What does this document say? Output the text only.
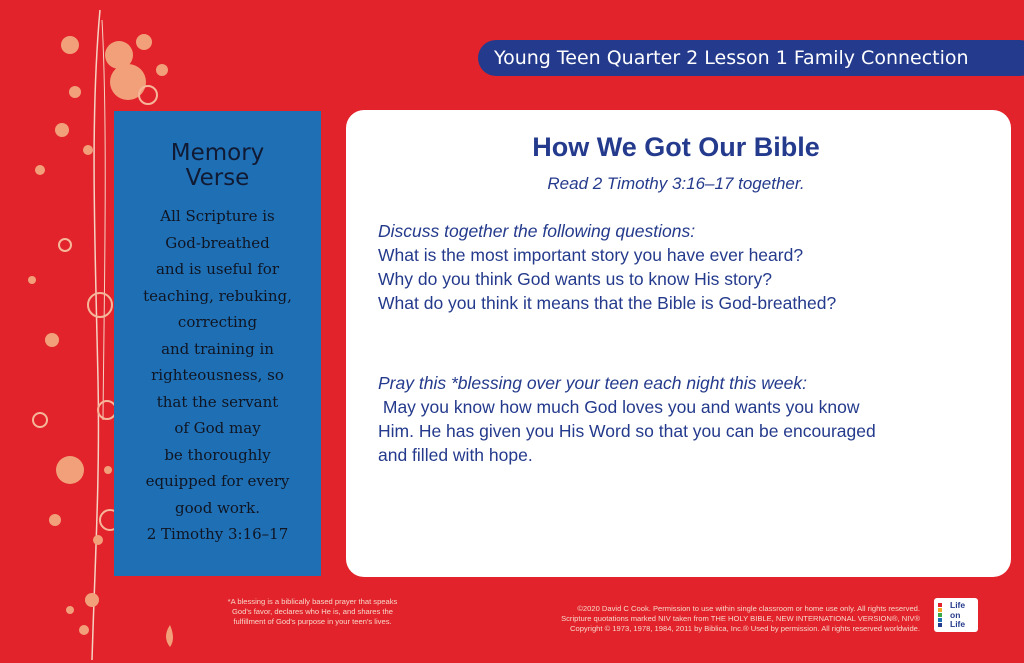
Young Teen Quarter 2 Lesson 1 Family Connection
Memory
Verse
All Scripture is
God-breathed
and is useful for
teaching, rebuking,
correcting
and training in
righteousness, so
that the servant
of God may
be thoroughly
equipped for every
good work.
2 Timothy 3:16–17
How We Got Our Bible
Read 2 Timothy 3:16–17 together.
Discuss together the following questions:
What is the most important story you have ever heard?
Why do you think God wants us to know His story?
What do you think it means that the Bible is God-breathed?
Pray this *blessing over your teen each night this week:
May you know how much God loves you and wants you know
Him. He has given you His Word so that you can be encouraged
and filled with hope.
*A blessing is a biblically based prayer that speaks
God's favor, declares who He is, and shares the
fulfillment of God's purpose in your teen's lives.
©2020 David C Cook. Permission to use within single classroom or home use only. All rights reserved.
Scripture quotations marked NIV taken from THE HOLY BIBLE, NEW INTERNATIONAL VERSION®, NIV®
Copyright © 1973, 1978, 1984, 2011 by Biblica, Inc.® Used by permission. All rights reserved worldwide.
Life
on
Life
